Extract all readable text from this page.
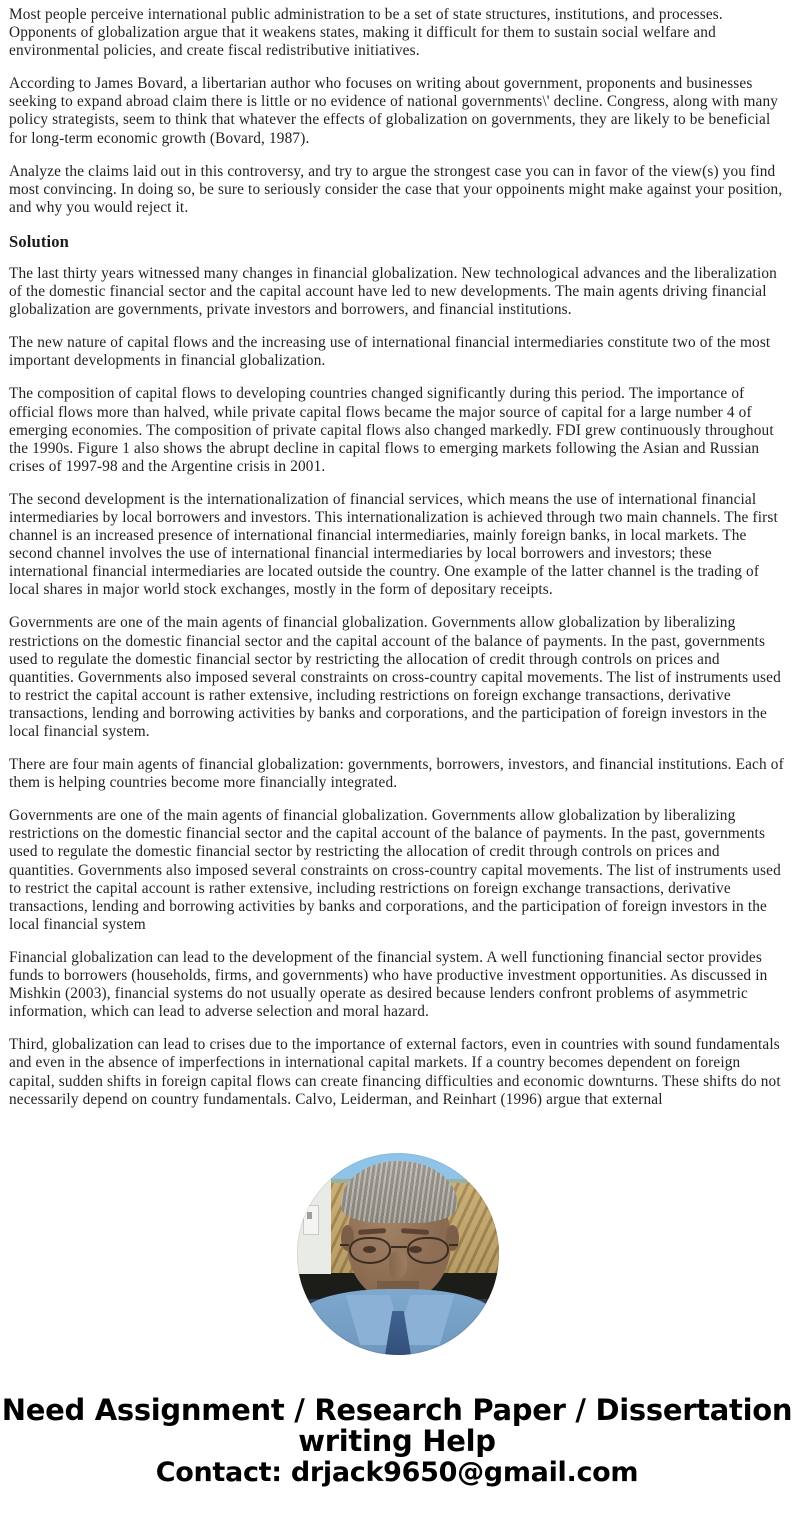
Most people perceive international public administration to be a set of state structures, institutions, and processes. Opponents of globalization argue that it weakens states, making it difficult for them to sustain social welfare and environmental policies, and create fiscal redistributive initiatives.

According to James Bovard, a libertarian author who focuses on writing about government, proponents and businesses seeking to expand abroad claim there is little or no evidence of national governments\' decline. Congress, along with many policy strategists, seem to think that whatever the effects of globalization on governments, they are likely to be beneficial for long-term economic growth (Bovard, 1987).

Analyze the claims laid out in this controversy, and try to argue the strongest case you can in favor of the view(s) you find most convincing. In doing so, be sure to seriously consider the case that your oppoinents might make against your position, and why you would reject it.

Solution

The last thirty years witnessed many changes in financial globalization. New technological advances and the liberalization of the domestic financial sector and the capital account have led to new developments. The main agents driving financial globalization are governments, private investors and borrowers, and financial institutions.

The new nature of capital flows and the increasing use of international financial intermediaries constitute two of the most important developments in financial globalization.

The composition of capital flows to developing countries changed significantly during this period. The importance of official flows more than halved, while private capital flows became the major source of capital for a large number 4 of emerging economies. The composition of private capital flows also changed markedly. FDI grew continuously throughout the 1990s. Figure 1 also shows the abrupt decline in capital flows to emerging markets following the Asian and Russian crises of 1997-98 and the Argentine crisis in 2001.

The second development is the internationalization of financial services, which means the use of international financial intermediaries by local borrowers and investors. This internationalization is achieved through two main channels. The first channel is an increased presence of international financial intermediaries, mainly foreign banks, in local markets. The second channel involves the use of international financial intermediaries by local borrowers and investors; these international financial intermediaries are located outside the country. One example of the latter channel is the trading of local shares in major world stock exchanges, mostly in the form of depositary receipts.

Governments are one of the main agents of financial globalization. Governments allow globalization by liberalizing restrictions on the domestic financial sector and the capital account of the balance of payments. In the past, governments used to regulate the domestic financial sector by restricting the allocation of credit through controls on prices and quantities. Governments also imposed several constraints on cross-country capital movements. The list of instruments used to restrict the capital account is rather extensive, including restrictions on foreign exchange transactions, derivative transactions, lending and borrowing activities by banks and corporations, and the participation of foreign investors in the local financial system.

There are four main agents of financial globalization: governments, borrowers, investors, and financial institutions. Each of them is helping countries become more financially integrated.

Governments are one of the main agents of financial globalization. Governments allow globalization by liberalizing restrictions on the domestic financial sector and the capital account of the balance of payments. In the past, governments used to regulate the domestic financial sector by restricting the allocation of credit through controls on prices and quantities. Governments also imposed several constraints on cross-country capital movements. The list of instruments used to restrict the capital account is rather extensive, including restrictions on foreign exchange transactions, derivative transactions, lending and borrowing activities by banks and corporations, and the participation of foreign investors in the local financial system

Financial globalization can lead to the development of the financial system. A well functioning financial sector provides funds to borrowers (households, firms, and governments) who have productive investment opportunities. As discussed in Mishkin (2003), financial systems do not usually operate as desired because lenders confront problems of asymmetric information, which can lead to adverse selection and moral hazard.

Third, globalization can lead to crises due to the importance of external factors, even in countries with sound fundamentals and even in the absence of imperfections in international capital markets. If a country becomes dependent on foreign capital, sudden shifts in foreign capital flows can create financing difficulties and economic downturns. These shifts do not necessarily depend on country fundamentals. Calvo, Leiderman, and Reinhart (1996) argue that external

Need Assignment / Research Paper / Dissertation
writing Help
Contact: drjack9650@gmail.com
